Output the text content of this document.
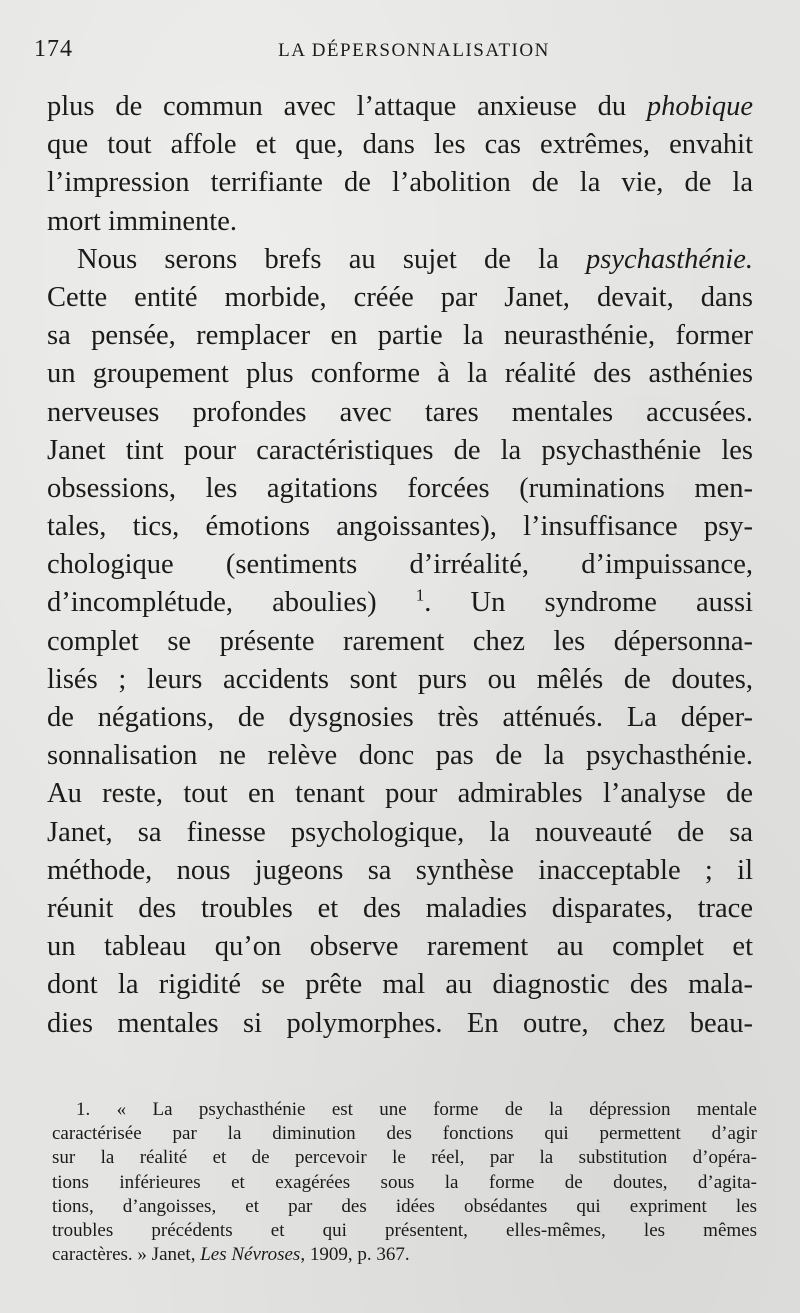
174	LA DÉPERSONNALISATION
plus de commun avec l’attaque anxieuse du phobique
que tout affole et que, dans les cas extrêmes, envahit
l’impression terrifiante de l’abolition de la vie, de la
mort imminente.
Nous serons brefs au sujet de la psychasthénie.
Cette entité morbide, créée par Janet, devait, dans
sa pensée, remplacer en partie la neurasthénie, former
un groupement plus conforme à la réalité des asthénies
nerveuses profondes avec tares mentales accusées.
Janet tint pour caractéristiques de la psychasthénie les
obsessions, les agitations forcées (ruminations men-
tales, tics, émotions angoissantes), l’insuffisance psy-
chologique (sentiments d’irréalité, d’impuissance,
d’incomplétude, aboulies) $^1$. Un syndrome aussi
complet se présente rarement chez les dépersonna-
lisés ; leurs accidents sont purs ou mêlés de doutes,
de négations, de dysgnosies très atténués. La déper-
sonnalisation ne relève donc pas de la psychasthénie.
Au reste, tout en tenant pour admirables l’analyse de
Janet, sa finesse psychologique, la nouveauté de sa
méthode, nous jugeons sa synthèse inacceptable ; il
réunit des troubles et des maladies disparates, trace
un tableau qu’on observe rarement au complet et
dont la rigidité se prête mal au diagnostic des mala-
dies mentales si polymorphes. En outre, chez beau-
1. « La psychasthénie est une forme de la dépression mentale
caractérisée par la diminution des fonctions qui permettent d’agir
sur la réalité et de percevoir le réel, par la substitution d’opéra-
tions inférieures et exagérées sous la forme de doutes, d’agita-
tions, d’angoisses, et par des idées obsédantes qui expriment les
troubles précédents et qui présentent, elles-mêmes, les mêmes
caractères. » Janet, Les Névroses, 1909, p. 367.
